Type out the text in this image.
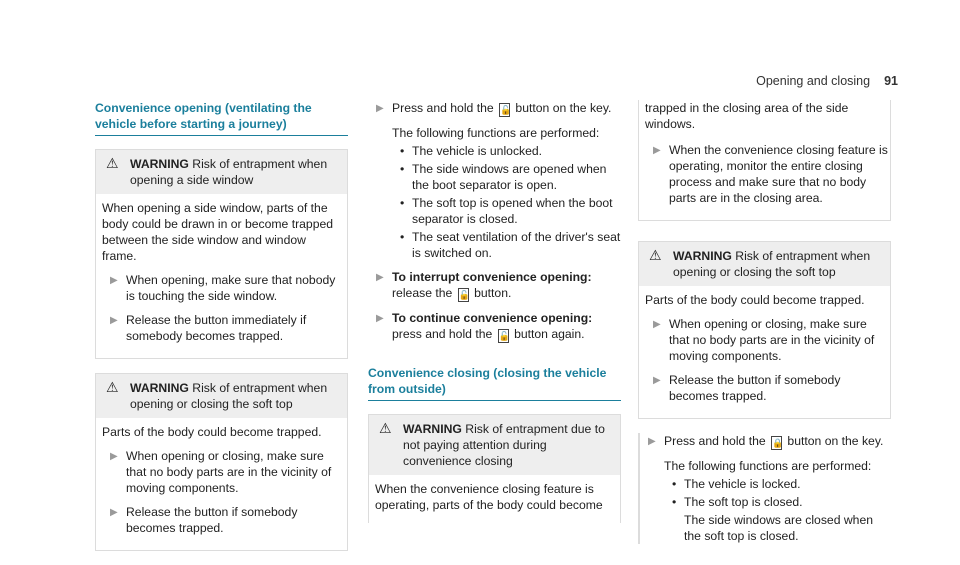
Opening and closing 91
Convenience opening (ventilating the vehicle before starting a journey)
⚠ WARNING Risk of entrapment when opening a side window

When opening a side window, parts of the body could be drawn in or become trapped between the side window and window frame.

▶ When opening, make sure that nobody is touching the side window.
▶ Release the button immediately if somebody becomes trapped.
⚠ WARNING Risk of entrapment when opening or closing the soft top

Parts of the body could become trapped.

▶ When opening or closing, make sure that no body parts are in the vicinity of moving components.
▶ Release the button if somebody becomes trapped.
▶ Press and hold the 🔓 button on the key.
The following functions are performed:
• The vehicle is unlocked.
• The side windows are opened when the boot separator is open.
• The soft top is opened when the boot separator is closed.
• The seat ventilation of the driver's seat is switched on.
▶ To interrupt convenience opening: release the 🔓 button.
▶ To continue convenience opening: press and hold the 🔓 button again.
Convenience closing (closing the vehicle from outside)
⚠ WARNING Risk of entrapment due to not paying attention during convenience closing

When the convenience closing feature is operating, parts of the body could become

trapped in the closing area of the side windows.

▶ When the convenience closing feature is operating, monitor the entire closing process and make sure that no body parts are in the closing area.
⚠ WARNING Risk of entrapment when opening or closing the soft top

Parts of the body could become trapped.

▶ When opening or closing, make sure that no body parts are in the vicinity of moving components.
▶ Release the button if somebody becomes trapped.
▶ Press and hold the 🔒 button on the key.
The following functions are performed:
• The vehicle is locked.
• The soft top is closed.
The side windows are closed when the soft top is closed.
